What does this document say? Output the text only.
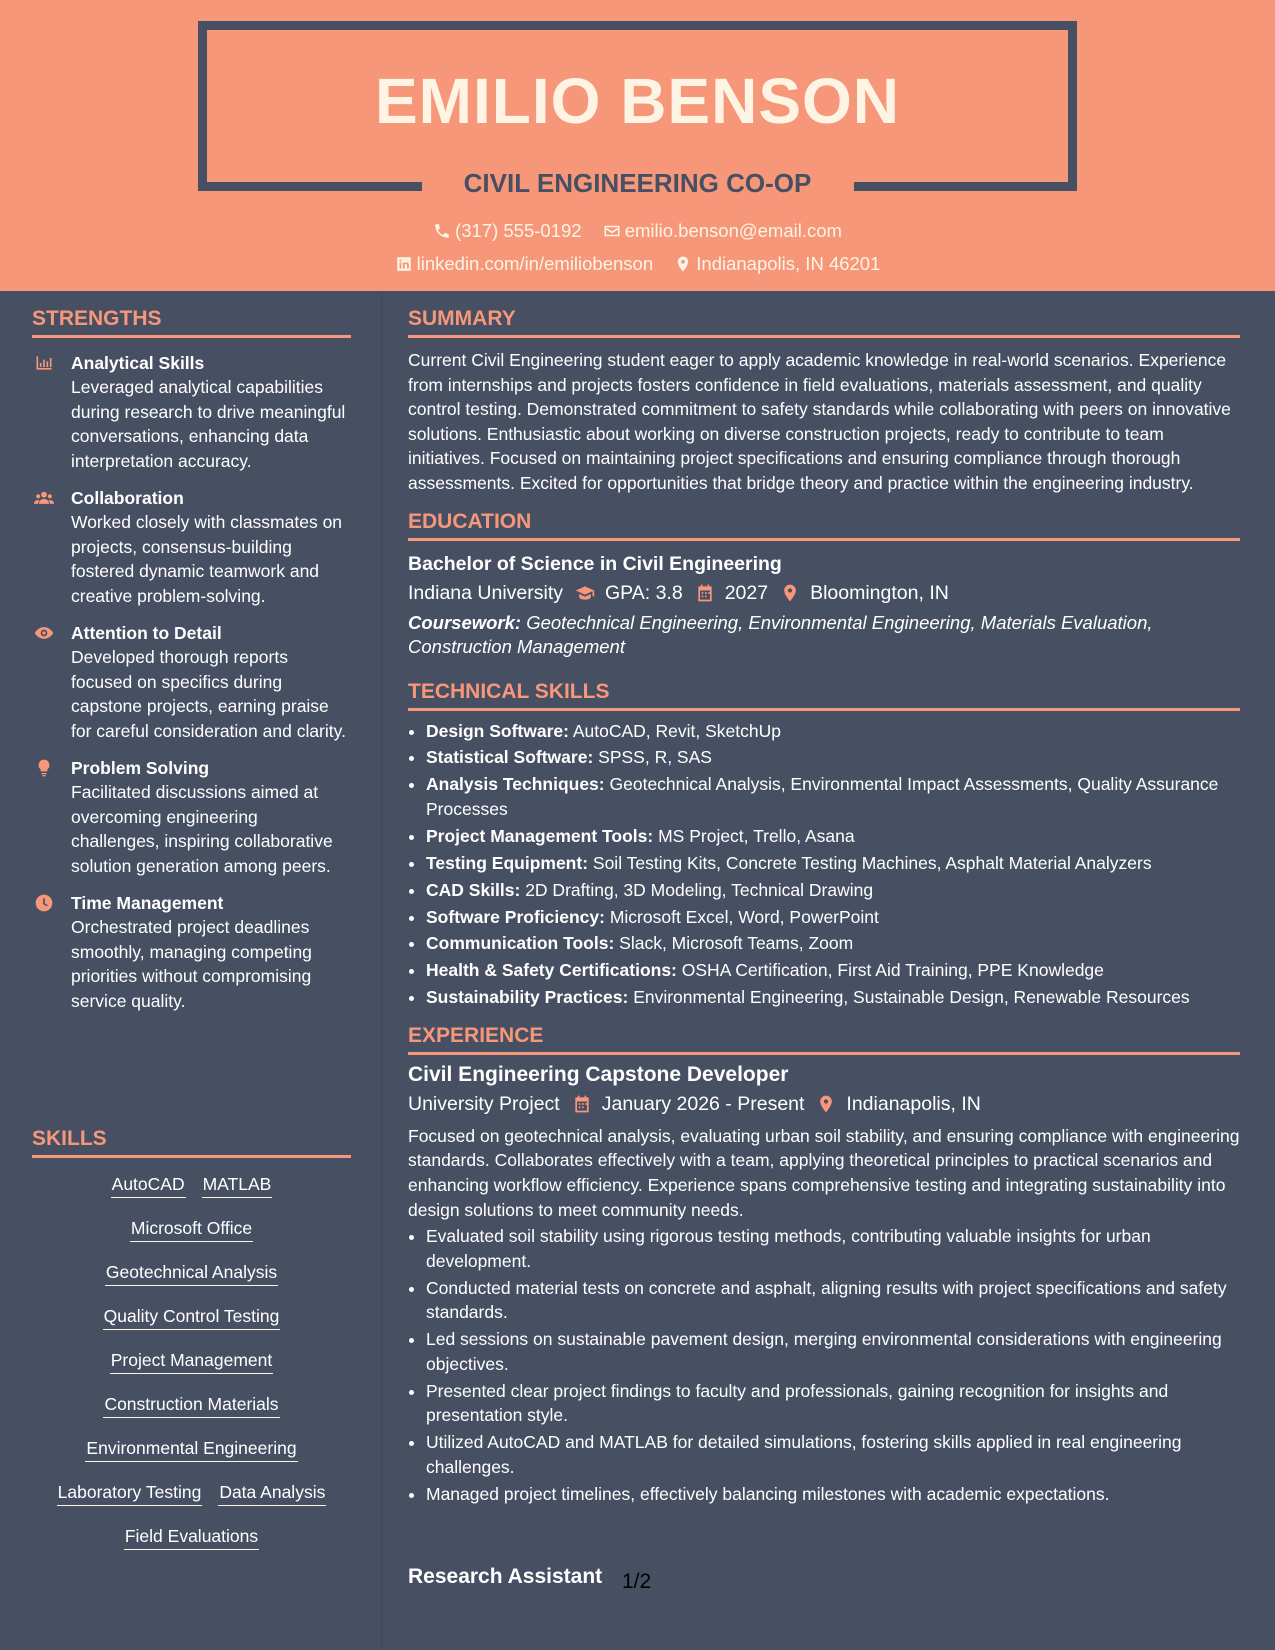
EMILIO BENSON
CIVIL ENGINEERING CO-OP
(317) 555-0192
emilio.benson@email.com
linkedin.com/in/emiliobenson
Indianapolis, IN 46201
STRENGTHS
Analytical Skills
Leveraged analytical capabilities during research to drive meaningful conversations, enhancing data interpretation accuracy.
Collaboration
Worked closely with classmates on projects, consensus-building fostered dynamic teamwork and creative problem-solving.
Attention to Detail
Developed thorough reports focused on specifics during capstone projects, earning praise for careful consideration and clarity.
Problem Solving
Facilitated discussions aimed at overcoming engineering challenges, inspiring collaborative solution generation among peers.
Time Management
Orchestrated project deadlines smoothly, managing competing priorities without compromising service quality.
SKILLS
AutoCAD MATLAB
Microsoft Office
Geotechnical Analysis
Quality Control Testing
Project Management
Construction Materials
Environmental Engineering
Laboratory Testing Data Analysis
Field Evaluations
SUMMARY
Current Civil Engineering student eager to apply academic knowledge in real-world scenarios. Experience from internships and projects fosters confidence in field evaluations, materials assessment, and quality control testing. Demonstrated commitment to safety standards while collaborating with peers on innovative solutions. Enthusiastic about working on diverse construction projects, ready to contribute to team initiatives. Focused on maintaining project specifications and ensuring compliance through thorough assessments. Excited for opportunities that bridge theory and practice within the engineering industry.
EDUCATION
Bachelor of Science in Civil Engineering
Indiana University GPA: 3.8 2027 Bloomington, IN
Coursework: Geotechnical Engineering, Environmental Engineering, Materials Evaluation, Construction Management
TECHNICAL SKILLS
• Design Software: AutoCAD, Revit, SketchUp
• Statistical Software: SPSS, R, SAS
• Analysis Techniques: Geotechnical Analysis, Environmental Impact Assessments, Quality Assurance Processes
• Project Management Tools: MS Project, Trello, Asana
• Testing Equipment: Soil Testing Kits, Concrete Testing Machines, Asphalt Material Analyzers
• CAD Skills: 2D Drafting, 3D Modeling, Technical Drawing
• Software Proficiency: Microsoft Excel, Word, PowerPoint
• Communication Tools: Slack, Microsoft Teams, Zoom
• Health & Safety Certifications: OSHA Certification, First Aid Training, PPE Knowledge
• Sustainability Practices: Environmental Engineering, Sustainable Design, Renewable Resources
EXPERIENCE
Civil Engineering Capstone Developer
University Project January 2026 - Present Indianapolis, IN
Focused on geotechnical analysis, evaluating urban soil stability, and ensuring compliance with engineering standards. Collaborates effectively with a team, applying theoretical principles to practical scenarios and enhancing workflow efficiency. Experience spans comprehensive testing and integrating sustainability into design solutions to meet community needs.
• Evaluated soil stability using rigorous testing methods, contributing valuable insights for urban development.
• Conducted material tests on concrete and asphalt, aligning results with project specifications and safety standards.
• Led sessions on sustainable pavement design, merging environmental considerations with engineering objectives.
• Presented clear project findings to faculty and professionals, gaining recognition for insights and presentation style.
• Utilized AutoCAD and MATLAB for detailed simulations, fostering skills applied in real engineering challenges.
• Managed project timelines, effectively balancing milestones with academic expectations.
Research Assistant 1/2
